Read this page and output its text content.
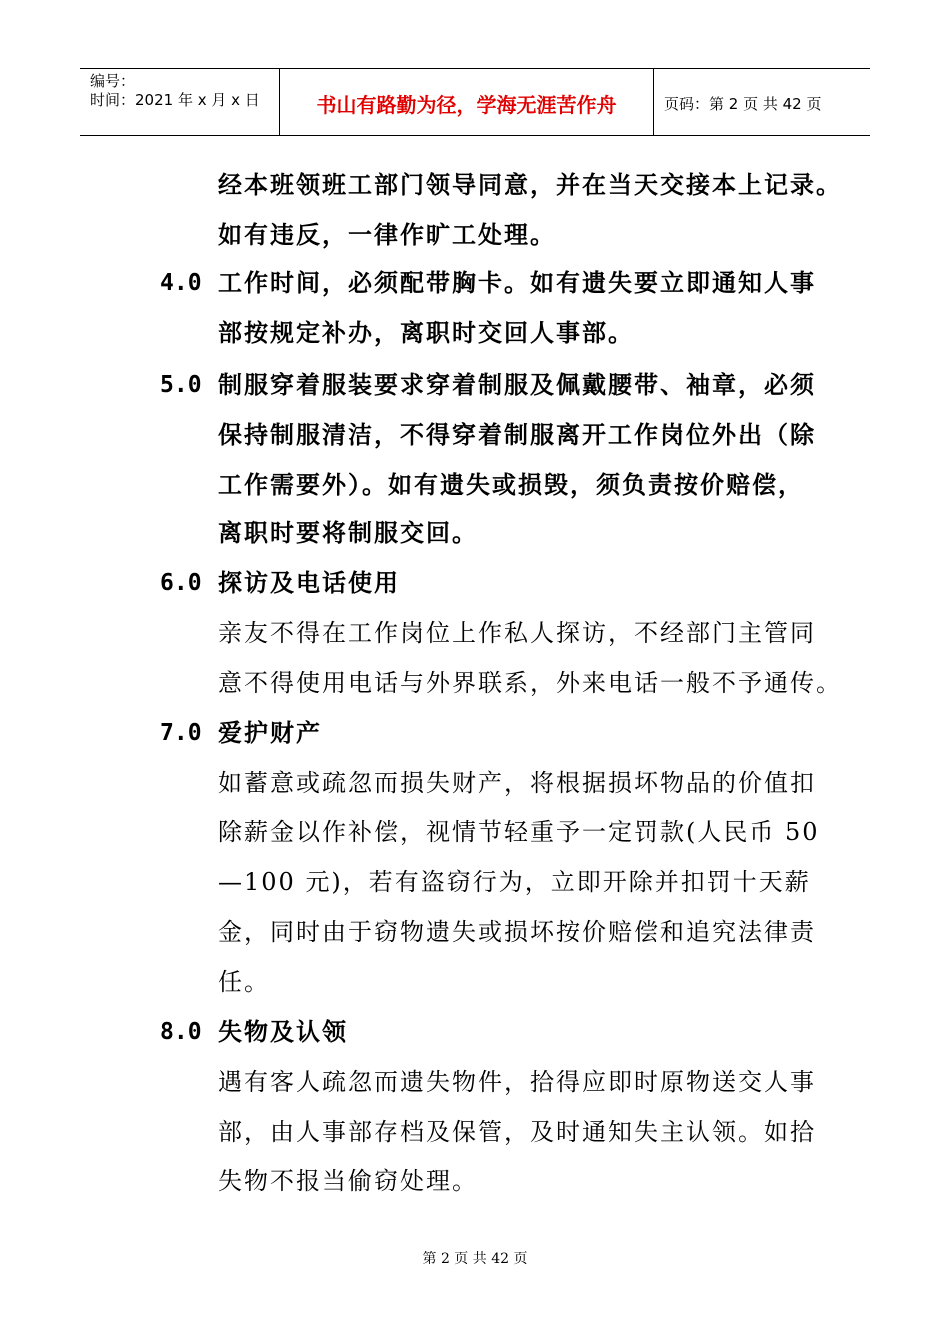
编号：
时间：2021 年 x 月 x 日	书山有路勤为径，学海无涯苦作舟	页码：第 2 页 共 42 页
经本班领班工部门领导同意，并在当天交接本上记录。
如有违反，一律作旷工处理。
4.0 工作时间，必须配带胸卡。如有遗失要立即通知人事
部按规定补办，离职时交回人事部。
5.0 制服穿着服装要求穿着制服及佩戴腰带、袖章，必须
保持制服清洁，不得穿着制服离开工作岗位外出（除
工作需要外）。如有遗失或损毁，须负责按价赔偿，
离职时要将制服交回。
6.0 探访及电话使用
亲友不得在工作岗位上作私人探访，不经部门主管同
意不得使用电话与外界联系，外来电话一般不予通传。
7.0 爱护财产
如蓄意或疏忽而损失财产，将根据损坏物品的价值扣
除薪金以作补偿，视情节轻重予一定罚款(人民币 50
—100 元)，若有盗窃行为，立即开除并扣罚十天薪
金，同时由于窃物遗失或损坏按价赔偿和追究法律责
任。
8.0 失物及认领
遇有客人疏忽而遗失物件，拾得应即时原物送交人事
部，由人事部存档及保管，及时通知失主认领。如拾
失物不报当偷窃处理。
第 2 页 共 42 页
